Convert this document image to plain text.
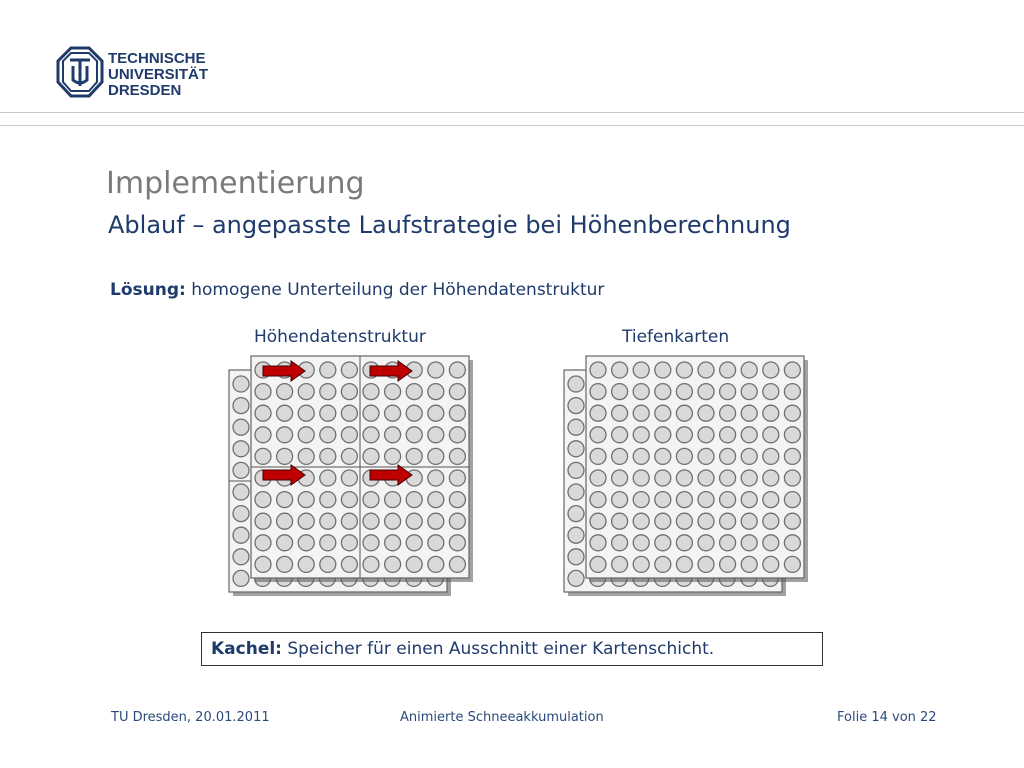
TECHNISCHE
UNIVERSITÄT
DRESDEN
Implementierung
Ablauf – angepasste Laufstrategie bei Höhenberechnung
Lösung: homogene Unterteilung der Höhendatenstruktur
Höhendatenstruktur	Tiefenkarten
Kachel: Speicher für einen Ausschnitt einer Kartenschicht.
TU Dresden, 20.01.2011	Animierte Schneeakkumulation	Folie 14 von 22
